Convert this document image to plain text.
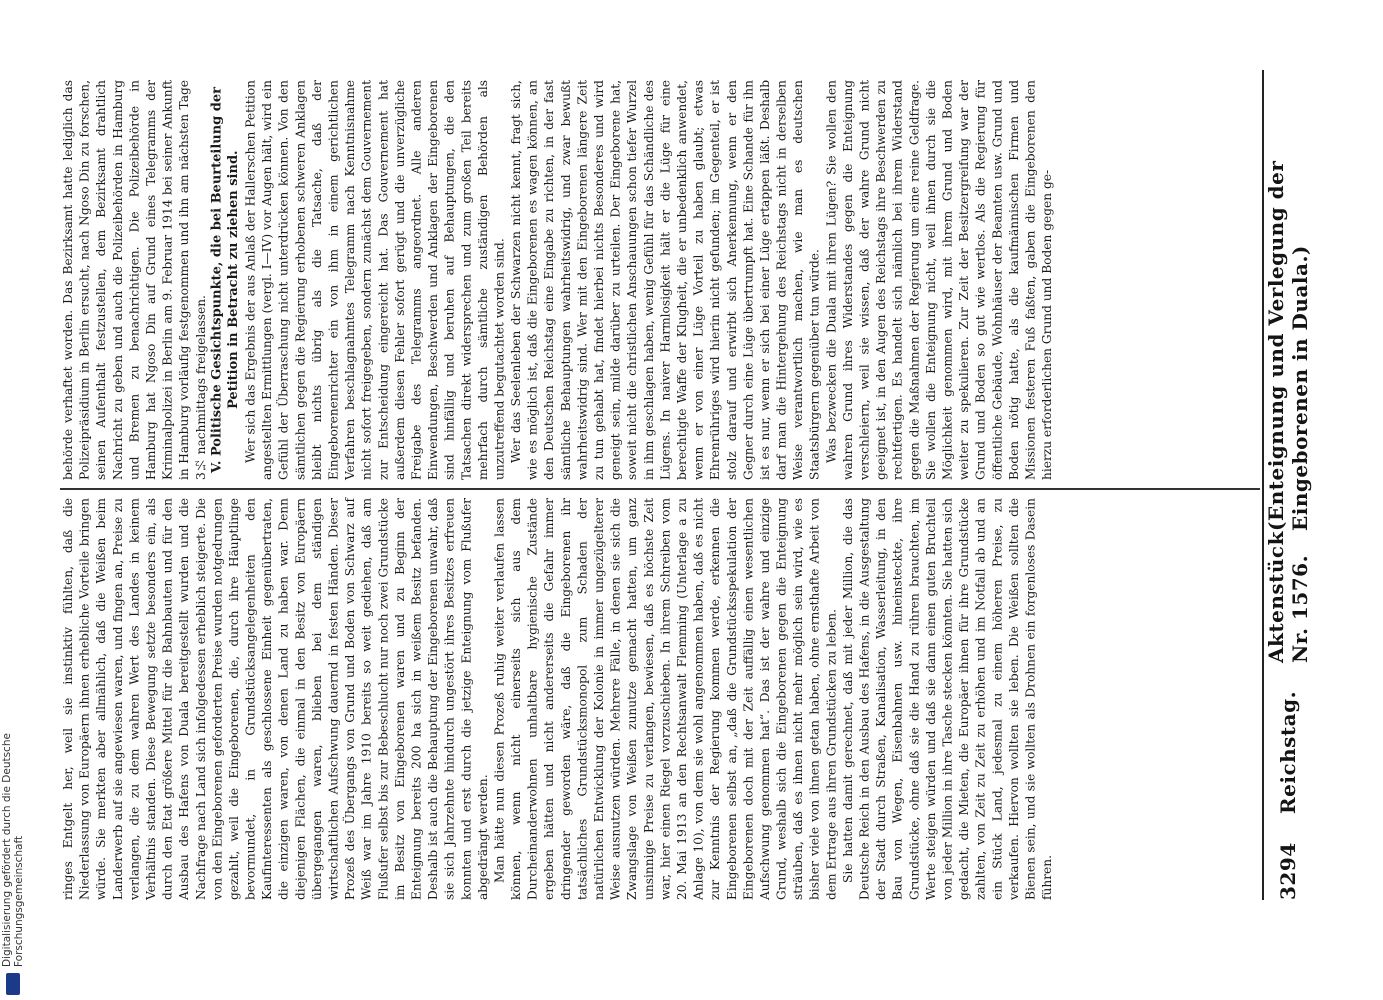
3294
Reichstag.
Aktenstück Nr. 1576.
(Enteignung und Verlegung der Eingeborenen in Duala.)

behörde verhaftet worden. Das Bezirksamt hatte lediglich das Polizeipräsidium in Berlin ersucht, nach Ngoso Din zu forschen, seinen Aufenthalt festzustellen, dem Bezirksamt drahtlich Nachricht zu geben und auch die Polizeibehörden in Hamburg und Bremen zu benachrichtigen. Die Polizeibehörde in Hamburg hat Ngoso Din auf Grund eines Telegramms der Kriminalpolizei in Berlin am 9. Februar 1914 bei seiner Ankunft in Hamburg vorläufig festgenommen und ihn am nächsten Tage 3½ nachmittags freigelassen. V. Politische Gesichtspunkte, die bei Beurteilung der Petition in Betracht zu ziehen sind. Wer sich das Ergebnis der aus Anlaß der Hallerschen Petition angestellten Ermittlungen (vergl. I—IV) vor Augen hält, wird ein Gefühl der Überraschung nicht unterdrücken können. Von den sämtlichen gegen die Regierung erhobenen schweren Anklagen bleibt nichts übrig als die Tatsache, daß der Eingeborenenrichter ein von ihm in einem gerichtlichen Verfahren beschlagnahmtes Telegramm nach Kenntnisnahme nicht sofort freigegeben, sondern zunächst dem Gouvernement zur Entscheidung eingereicht hat. Das Gouvernement hat außerdem diesen Fehler sofort gerügt und die unverzügliche Freigabe des Telegramms angeordnet. Alle anderen Einwendungen, Beschwerden und Anklagen der Eingeborenen sind hinfällig und beruhen auf Behauptungen, die den Tatsachen direkt widersprechen und zum großen Teil bereits mehrfach durch sämtliche zuständigen Behörden als unzutreffend begutachtet worden sind. Wer das Seelenleben der Schwarzen nicht kennt, fragt sich, wie es möglich ist, daß die Eingeborenen es wagen können, an den Deutschen Reichstag eine Eingabe zu richten, in der fast sämtliche Behauptungen wahrheitswidrig, und zwar bewußt wahrheitswidrig sind. Wer mit den Eingeborenen längere Zeit zu tun gehabt hat, findet hierbei nichts Besonderes und wird geneigt sein, milde darüber zu urteilen. Der Eingeborene hat, soweit nicht die christlichen Anschauungen schon tiefer Wurzel in ihm geschlagen haben, wenig Gefühl für das Schändliche des Lügens. In naiver Harmlosigkeit hält er die Lüge für eine berechtigte Waffe der Klugheit, die er unbedenklich anwendet, wenn er von einer Lüge Vorteil zu haben glaubt; etwas Ehrenrühriges wird hierin nicht gefunden; im Gegenteil, er ist stolz darauf und erwirbt sich Anerkennung, wenn er den Gegner durch eine Lüge übertrumpft hat. Eine Schande für ihn ist es nur, wenn er sich bei einer Lüge ertappen läßt. Deshalb darf man die Hintergehung des Reichstags nicht in derselben Weise verantwortlich machen, wie man es deutschen Staatsbürgern gegenüber tun würde. Was bezwecken die Duala mit ihren Lügen? Sie wollen den wahren Grund ihres Widerstandes gegen die Enteignung verschleiern, weil sie wissen, daß der wahre Grund nicht geeignet ist, in den Augen des Reichstags ihre Beschwerden zu rechtfertigen. Es handelt sich nämlich bei ihrem Widerstand gegen die Maßnahmen der Regierung um eine reine Geldfrage. Sie wollen die Enteignung nicht, weil ihnen durch sie die Möglichkeit genommen wird, mit ihrem Grund und Boden weiter zu spekulieren. Zur Zeit der Besitzergreifung war der Grund und Boden so gut wie wertlos. Als die Regierung für öffentliche Gebäude, Wohnhäuser der Beamten usw. Grund und Boden nötig hatte, als die kaufmännischen Firmen und Missionen festeren Fuß faßten, gaben die Eingeborenen den hierzu erforderlichen Grund und Boden gegen ge-

ringes Entgelt her, weil sie instinktiv fühlten, daß die Niederlassung von Europäern ihnen erhebliche Vorteile bringen würde. Sie merkten aber allmählich, daß die Weißen beim Landerwerb auf sie angewiesen waren, und fingen an, Preise zu verlangen, die zu dem wahren Wert des Landes in keinem Verhältnis standen. Diese Bewegung setzte besonders ein, als durch den Etat größere Mittel für die Bahnbauten und für den Ausbau des Hafens von Duala bereitgestellt wurden und die Nachfrage nach Land sich infolgedessen erheblich steigerte. Die von den Eingeborenen geforderten Preise wurden notgedrungen gezahlt, weil die Eingeborenen, die, durch ihre Häuptlinge bevormundet, in Grundstücksangelegenheiten den Kaufinteressenten als geschlossene Einheit gegenübertraten, die einzigen waren, von denen Land zu haben war. Denn diejenigen Flächen, die einmal in den Besitz von Europäern übergegangen waren, blieben bei dem ständigen wirtschaftlichen Aufschwung dauernd in festen Händen. Dieser Prozeß des Übergangs von Grund und Boden von Schwarz auf Weiß war im Jahre 1910 bereits so weit gediehen, daß am Flußufer selbst bis zur Bebeschlucht nur noch zwei Grundstücke im Besitz von Eingeborenen waren und zu Beginn der Enteignung bereits 200 ha sich in weißem Besitz befanden. Deshalb ist auch die Behauptung der Eingeborenen unwahr, daß sie sich Jahrzehnte hindurch ungestört ihres Besitzes erfreuen konnten und erst durch die jetzige Enteignung vom Flußufer abgedrängt werden. Man hätte nun diesen Prozeß ruhig weiter verlaufen lassen können, wenn nicht einerseits sich aus dem Durcheinanderwohnen unhaltbare hygienische Zustände ergeben hätten und nicht andererseits die Gefahr immer dringender geworden wäre, daß die Eingeborenen ihr tatsächliches Grundstücksmonopol zum Schaden der natürlichen Entwicklung der Kolonie in immer ungezügelterer Weise ausnutzen würden. Mehrere Fälle, in denen sie sich die Zwangslage von Weißen zunutze gemacht hatten, um ganz unsinnige Preise zu verlangen, bewiesen, daß es höchste Zeit war, hier einen Riegel vorzuschieben. In ihrem Schreiben vom 20. Mai 1913 an den Rechtsanwalt Flemming (Unterlage a zu Anlage 10), von dem sie wohl angenommen haben, daß es nicht zur Kenntnis der Regierung kommen werde, erkennen die Eingeborenen selbst an, „daß die Grundstücksspekulation der Eingeborenen doch mit der Zeit auffällig einen wesentlichen Aufschwung genommen hat“. Das ist der wahre und einzige Grund, weshalb sich die Eingeborenen gegen die Enteignung sträuben, daß es ihnen nicht mehr möglich sein wird, wie es bisher viele von ihnen getan haben, ohne ernsthafte Arbeit von dem Ertrage aus ihren Grundstücken zu leben. Sie hatten damit gerechnet, daß mit jeder Million, die das Deutsche Reich in den Ausbau des Hafens, in die Ausgestaltung der Stadt durch Straßen, Kanalisation, Wasserleitung, in den Bau von Wegen, Eisenbahnen usw. hineinsteckte, ihre Grundstücke, ohne daß sie die Hand zu rühren brauchten, im Werte steigen würden und daß sie dann einen guten Bruchteil von jeder Million in ihre Tasche stecken könnten. Sie hatten sich gedacht, die Mieten, die Europäer ihnen für ihre Grundstücke zahlten, von Zeit zu Zeit zu erhöhen und im Notfall ab und an ein Stück Land, jedesmal zu einem höheren Preise, zu verkaufen. Hiervon wollten sie leben. Die Weißen sollten die Bienen sein, und sie wollten als Drohnen ein forgenloses Dasein führen.

Digitalisierung gefördert durch die Deutsche Forschungsgemeinschaft
